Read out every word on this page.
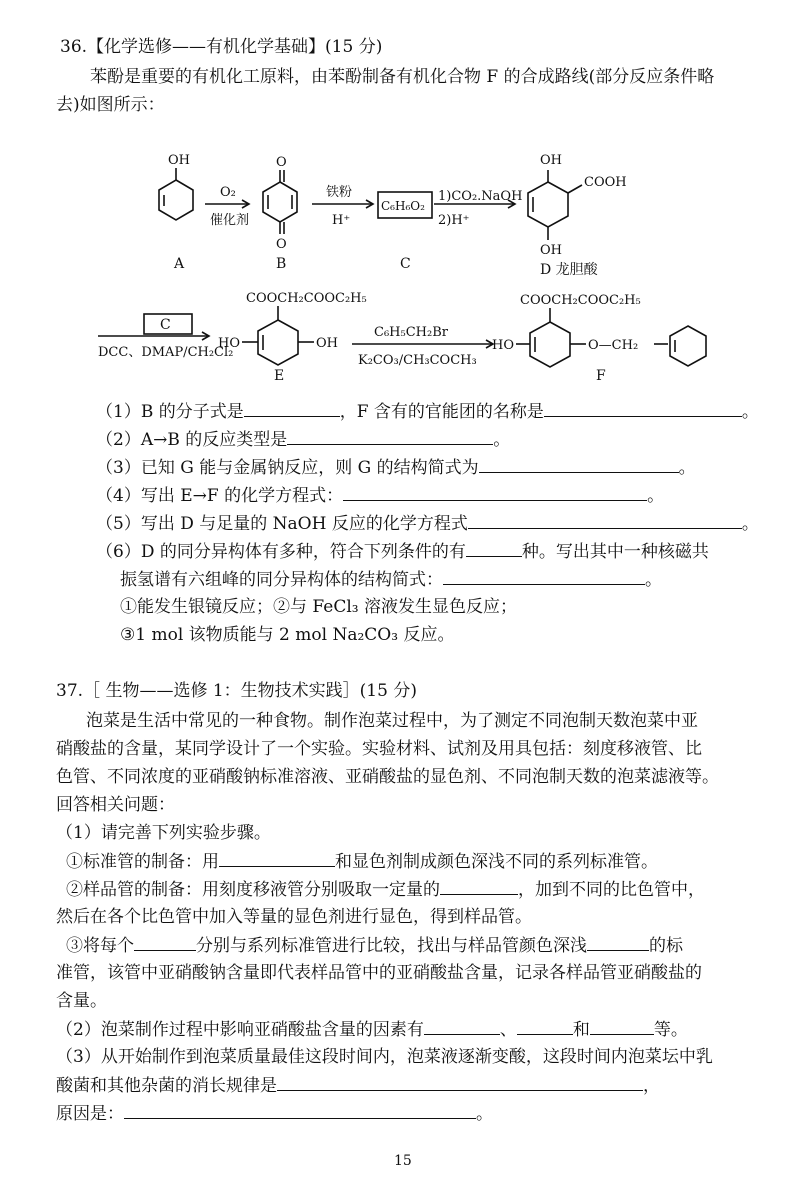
36.【化学选修——有机化学基础】(15 分)
苯酚是重要的有机化工原料，由苯酚制备有机化合物 F 的合成路线(部分反应条件略
去)如图所示：
OH
A
O₂
催化剂
O
O
B
铁粉
H⁺
C₆H₆O₂
1)CO₂.NaOH
2)H⁺
C
OH
COOH
OH
D 龙胆酸
C
DCC、DMAP/CH₂Cl₂
COOCH₂COOC₂H₅
HO	OH
E
C₆H₅CH₂Br
K₂CO₃/CH₃COCH₃
COOCH₂COOC₂H₅
HO	O—CH₂
F
（1）B 的分子式是	，F 含有的官能团的名称是	。
（2）A→B 的反应类型是	。
（3）已知 G 能与金属钠反应，则 G 的结构简式为	。
（4）写出 E→F 的化学方程式：	。
（5）写出 D 与足量的 NaOH 反应的化学方程式	。
（6）D 的同分异构体有多种，符合下列条件的有	种。写出其中一种核磁共
振氢谱有六组峰的同分异构体的结构简式：	。
①能发生银镜反应；②与 FeCl₃ 溶液发生显色反应；
③1 mol 该物质能与 2 mol Na₂CO₃ 反应。
37.［ 生物——选修 1：生物技术实践］(15 分)
泡菜是生活中常见的一种食物。制作泡菜过程中，为了测定不同泡制天数泡菜中亚
硝酸盐的含量，某同学设计了一个实验。实验材料、试剂及用具包括：刻度移液管、比
色管、不同浓度的亚硝酸钠标准溶液、亚硝酸盐的显色剂、不同泡制天数的泡菜滤液等。
回答相关问题：
（1）请完善下列实验步骤。
①标准管的制备：用	和显色剂制成颜色深浅不同的系列标准管。
②样品管的制备：用刻度移液管分别吸取一定量的	，加到不同的比色管中，
然后在各个比色管中加入等量的显色剂进行显色，得到样品管。
③将每个	分别与系列标准管进行比较，找出与样品管颜色深浅	的标
准管，该管中亚硝酸钠含量即代表样品管中的亚硝酸盐含量，记录各样品管亚硝酸盐的
含量。
（2）泡菜制作过程中影响亚硝酸盐含量的因素有	、	和	等。
（3）从开始制作到泡菜质量最佳这段时间内，泡菜液逐渐变酸，这段时间内泡菜坛中乳
酸菌和其他杂菌的消长规律是	，
原因是：	。
15
